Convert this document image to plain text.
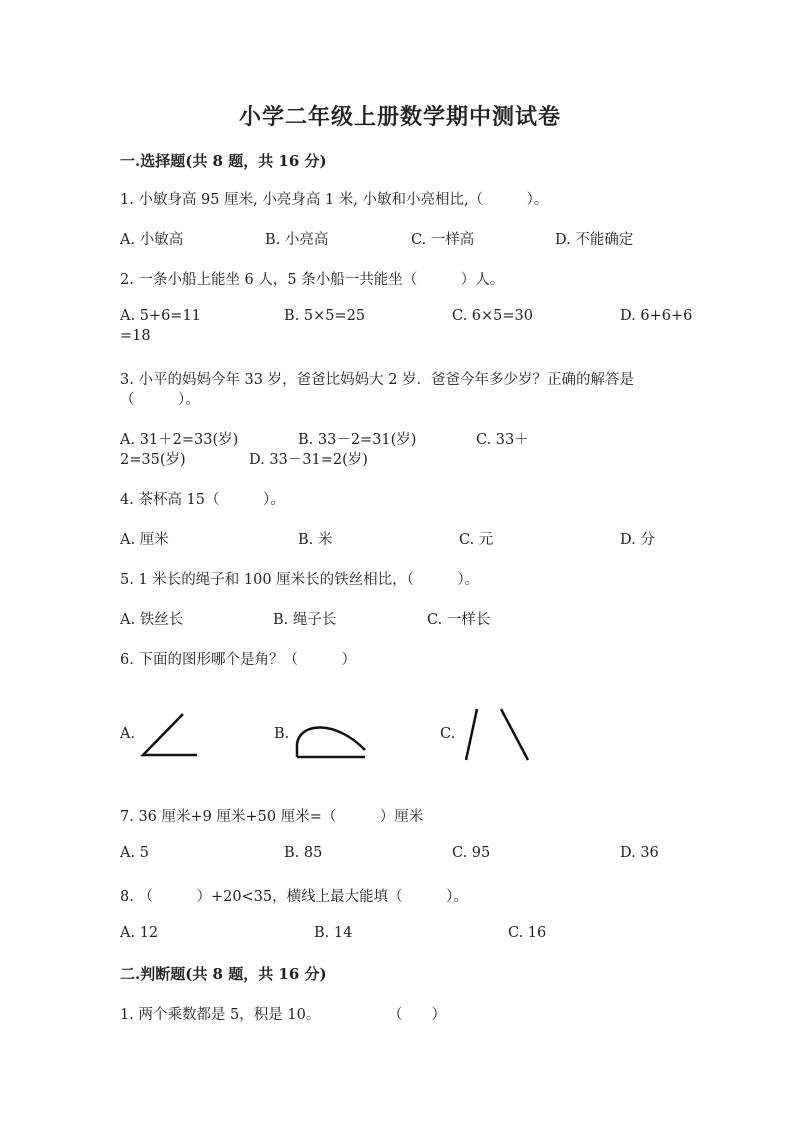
小学二年级上册数学期中测试卷
一.选择题(共 8 题，共 16 分)
1. 小敏身高 95 厘米, 小亮身高 1 米, 小敏和小亮相比,（　　　）。
A. 小敏高	B. 小亮高	C. 一样高	D. 不能确定
2. 一条小船上能坐 6 人，5 条小船一共能坐（　　　）人。
A. 5+6=11	B. 5×5=25	C. 6×5=30	D. 6+6+6
=18
3. 小平的妈妈今年 33 岁，爸爸比妈妈大 2 岁．爸爸今年多少岁？正确的解答是
（　　　）。
A. 31＋2=33(岁)	B. 33－2=31(岁)	C. 33＋
2=35(岁)	D. 33－31=2(岁)
4. 茶杯高 15（　　　）。
A. 厘米	B. 米	C. 元	D. 分
5. 1 米长的绳子和 100 厘米长的铁丝相比，（　　　）。
A. 铁丝长	B. 绳子长	C. 一样长
6. 下面的图形哪个是角？（　　　）
A.	B.	C.
7. 36 厘米+9 厘米+50 厘米=（　　　）厘米
A. 5	B. 85	C. 95	D. 36
8. （　　　）+20<35，横线上最大能填（　　　）。
A. 12	B. 14	C. 16
二.判断题(共 8 题，共 16 分)
1. 两个乘数都是 5，积是 10。	（　　）
